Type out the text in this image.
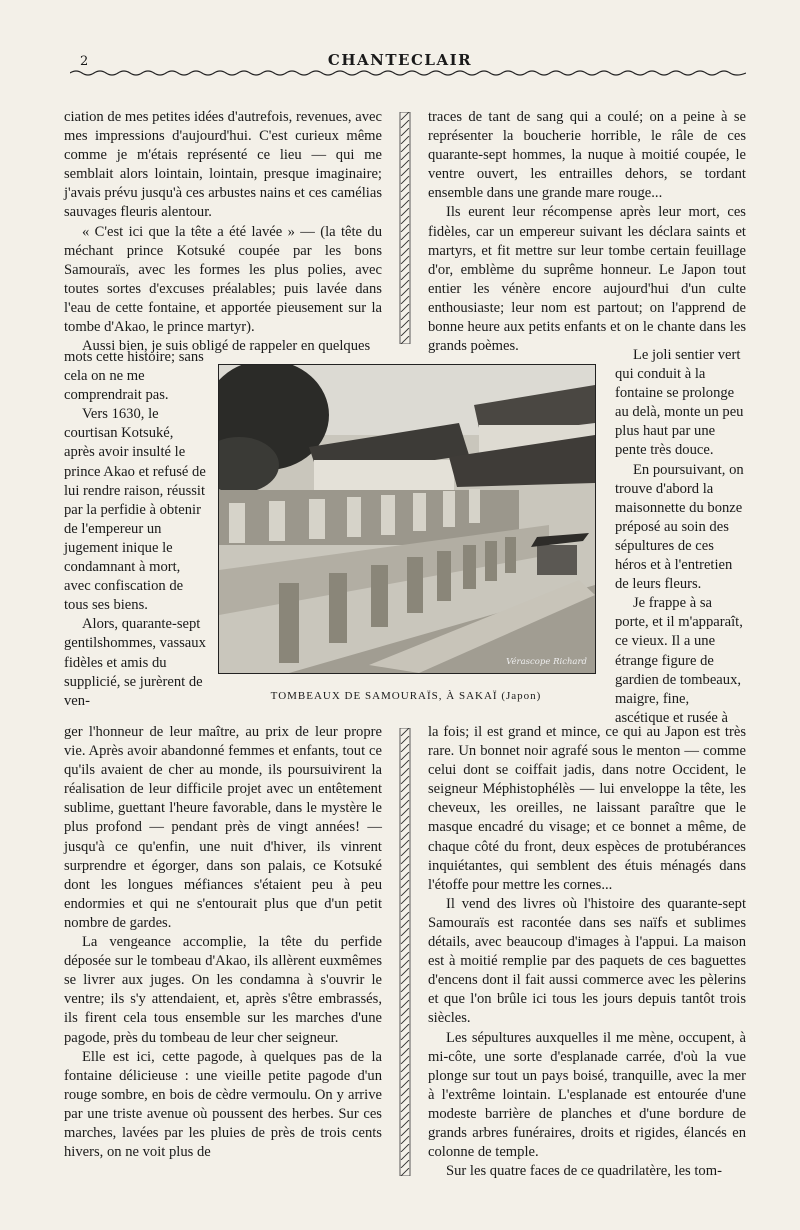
2	CHANTECLAIR

ciation de mes petites idées d'autrefois, revenues, avec mes impressions d'aujourd'hui. C'est curieux même comme je m'étais représenté ce lieu — qui me semblait alors lointain, lointain, presque imaginaire; j'avais prévu jusqu'à ces arbustes nains et ces camélias sauvages fleuris alentour.

« C'est ici que la tête a été lavée » — (la tête du méchant prince Kotsuké coupée par les bons Samouraïs, avec les formes les plus polies, avec toutes sortes d'excuses préalables; puis lavée dans l'eau de cette fontaine, et apportée pieusement sur la tombe d'Akao, le prince martyr).

Aussi bien, je suis obligé de rappeler en quelques

mots cette histoire; sans cela on ne me comprendrait pas.

Vers 1630, le courtisan Kotsuké, après avoir insulté le prince Akao et refusé de lui rendre raison, réussit par la perfidie à obtenir de l'empereur un jugement inique le condamnant à mort, avec confiscation de tous ses biens.

Alors, quarante-sept gentilshommes, vassaux fidèles et amis du supplicié, se jurèrent de ven-

ger l'honneur de leur maître, au prix de leur propre vie. Après avoir abandonné femmes et enfants, tout ce qu'ils avaient de cher au monde, ils poursuivirent la réalisation de leur difficile projet avec un entêtement sublime, guettant l'heure favorable, dans le mystère le plus profond — pendant près de vingt années! — jusqu'à ce qu'enfin, une nuit d'hiver, ils vinrent surprendre et égorger, dans son palais, ce Kotsuké dont les longues méfiances s'étaient peu à peu endormies et qui ne s'entourait plus que d'un petit nombre de gardes.

La vengeance accomplie, la tête du perfide déposée sur le tombeau d'Akao, ils allèrent euxmêmes se livrer aux juges. On les condamna à s'ouvrir le ventre; ils s'y attendaient, et, après s'être embrassés, ils firent cela tous ensemble sur les marches d'une pagode, près du tombeau de leur cher seigneur.

Elle est ici, cette pagode, à quelques pas de la fontaine délicieuse : une vieille petite pagode d'un rouge sombre, en bois de cèdre vermoulu. On y arrive par une triste avenue où poussent des herbes. Sur ces marches, lavées par les pluies de près de trois cents hivers, on ne voit plus de

traces de tant de sang qui a coulé; on a peine à se représenter la boucherie horrible, le râle de ces quarante-sept hommes, la nuque à moitié coupée, le ventre ouvert, les entrailles dehors, se tordant ensemble dans une grande mare rouge...

Ils eurent leur récompense après leur mort, ces fidèles, car un empereur suivant les déclara saints et martyrs, et fit mettre sur leur tombe certain feuillage d'or, emblème du suprême honneur. Le Japon tout entier les vénère encore aujourd'hui d'un culte enthousiaste; leur nom est partout; on l'apprend de bonne heure aux petits enfants et on le chante dans les grands poèmes.

Le joli sentier vert qui conduit à la fontaine se prolonge au delà, monte un peu plus haut par une pente très douce.

En poursuivant, on trouve d'abord la maisonnette du bonze préposé au soin des sépultures de ces héros et à l'entretien de leurs fleurs.

Je frappe à sa porte, et il m'apparaît, ce vieux. Il a une étrange figure de gardien de tombeaux, maigre, fine, ascétique et rusée à

la fois; il est grand et mince, ce qui au Japon est très rare. Un bonnet noir agrafé sous le menton — comme celui dont se coiffait jadis, dans notre Occident, le seigneur Méphistophélès — lui enveloppe la tête, les cheveux, les oreilles, ne laissant paraître que le masque encadré du visage; et ce bonnet a même, de chaque côté du front, deux espèces de protubérances inquiétantes, qui semblent des étuis ménagés dans l'étoffe pour mettre les cornes...

Il vend des livres où l'histoire des quarante-sept Samouraïs est racontée dans ses naïfs et sublimes détails, avec beaucoup d'images à l'appui. La maison est à moitié remplie par des paquets de ces baguettes d'encens dont il fait aussi commerce avec les pèlerins et que l'on brûle ici tous les jours depuis tantôt trois siècles.

Les sépultures auxquelles il me mène, occupent, à mi-côte, une sorte d'esplanade carrée, d'où la vue plonge sur tout un pays boisé, tranquille, avec la mer à l'extrême lointain. L'esplanade est entourée d'une modeste barrière de planches et d'une bordure de grands arbres funéraires, droits et rigides, élancés en colonne de temple.

Sur les quatre faces de ce quadrilatère, les tom-

Vérascope Richard
TOMBEAUX DE SAMOURAÏS, À SAKAÏ (Japon)
